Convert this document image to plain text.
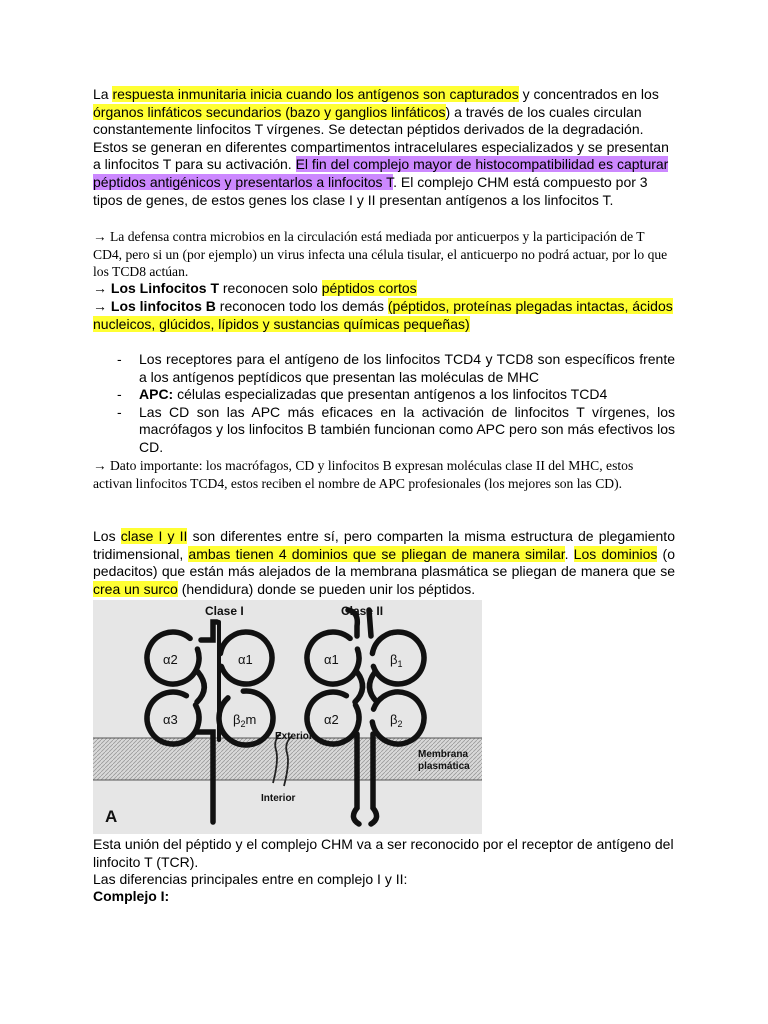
La respuesta inmunitaria inicia cuando los antígenos son capturados y concentrados en los órganos linfáticos secundarios (bazo y ganglios linfáticos) a través de los cuales circulan constantemente linfocitos T vírgenes. Se detectan péptidos derivados de la degradación. Estos se generan en diferentes compartimentos intracelulares especializados y se presentan a linfocitos T para su activación. El fin del complejo mayor de histocompatibilidad es capturar péptidos antigénicos y presentarlos a linfocitos T. El complejo CHM está compuesto por 3 tipos de genes, de estos genes los clase I y II presentan antígenos a los linfocitos T.
→ La defensa contra microbios en la circulación está mediada por anticuerpos y la participación de T CD4, pero si un (por ejemplo) un virus infecta una célula tisular, el anticuerpo no podrá actuar, por lo que los TCD8 actúan.
→ Los Linfocitos T reconocen solo péptidos cortos
→ Los linfocitos B reconocen todo los demás (péptidos, proteínas plegadas intactas, ácidos nucleicos, glúcidos, lípidos y sustancias químicas pequeñas)
- Los receptores para el antígeno de los linfocitos TCD4 y TCD8 son específicos frente a los antígenos peptídicos que presentan las moléculas de MHC
- APC: células especializadas que presentan antígenos a los linfocitos TCD4
- Las CD son las APC más eficaces en la activación de linfocitos T vírgenes, los macrófagos y los linfocitos B también funcionan como APC pero son más efectivos los CD.
→ Dato importante: los macrófagos, CD y linfocitos B expresan moléculas clase II del MHC, estos activan linfocitos TCD4, estos reciben el nombre de APC profesionales (los mejores son las CD).
Los clase I y II son diferentes entre sí, pero comparten la misma estructura de plegamiento tridimensional, ambas tienen 4 dominios que se pliegan de manera similar. Los dominios (o pedacitos) que están más alejados de la membrana plasmática se pliegan de manera que se crea un surco (hendidura) donde se pueden unir los péptidos.
Clase I	Clase II
α2	α1
α3	$\beta_2m$
α1
α2
$\beta_1$
$\beta_2$
Exterior
Interior
Membrana
plasmática
A
Esta unión del péptido y el complejo CHM va a ser reconocido por el receptor de antígeno del linfocito T (TCR).
Las diferencias principales entre en complejo I y II:
Complejo I:
